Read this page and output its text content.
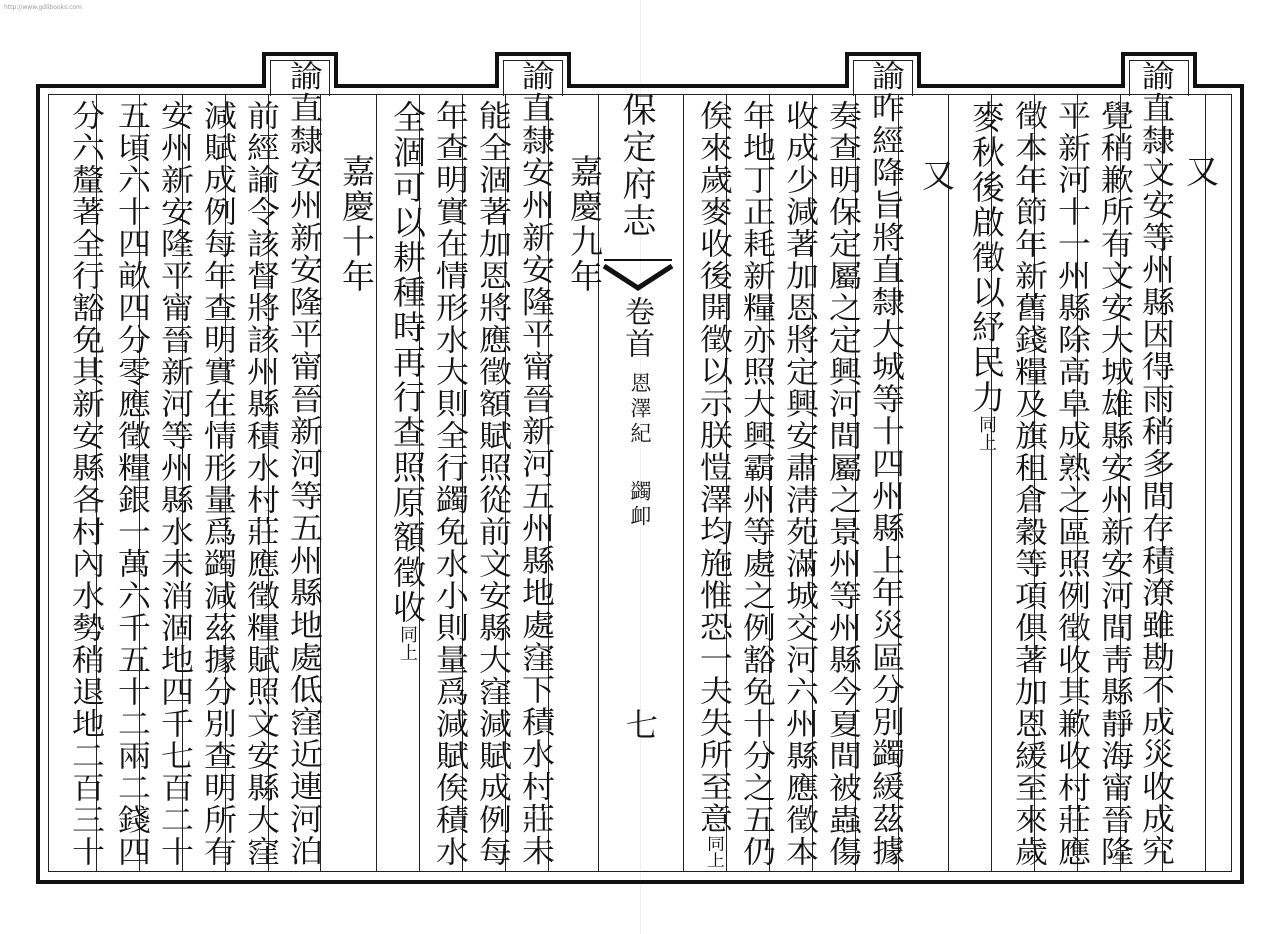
http://www.gdlibooks.com
保定府志
卷首
恩澤紀
蠲卹
七
又
諭直隸文安等州縣因得雨稍多間存積潦雖勘不成災收成究
覺稍歉所有文安大城雄縣安州新安河間靑縣靜海甯晉隆
平新河十一州縣除高阜成熟之區照例徵收其歉收村莊應
徵本年節年新舊錢糧及旗租倉穀等項俱著加恩緩至來歲
麥秋後啟徵以紓民力同上
又
諭昨經降旨將直隸大城等十四州縣上年災區分別蠲緩茲據
奏查明保定屬之定興河間屬之景州等州縣今夏間被蟲傷
收成少減著加恩將定興安肅淸苑滿城交河六州縣應徵本
年地丁正耗新糧亦照大興霸州等處之例豁免十分之五仍
俟來歲麥收後開徵以示朕愷澤均施惟恐一夫失所至意同上
嘉慶九年
諭直隸安州新安隆平甯晉新河五州縣地處窪下積水村莊未
能全涸著加恩將應徵額賦照從前文安縣大窪減賦成例每
年查明實在情形水大則全行蠲免水小則量爲減賦俟積水
全涸可以耕種時再行查照原額徵收同上
嘉慶十年
諭直隸安州新安隆平甯晉新河等五州縣地處低窪近連河泊
前經諭令該督將該州縣積水村莊應徵糧賦照文安縣大窪
減賦成例每年查明實在情形量爲蠲減茲據分別查明所有
安州新安隆平甯晉新河等州縣水未消涸地四千七百二十
五頃六十四畝四分零應徵糧銀一萬六千五十二兩二錢四
分六釐著全行豁免其新安縣各村內水勢稍退地二百三十
